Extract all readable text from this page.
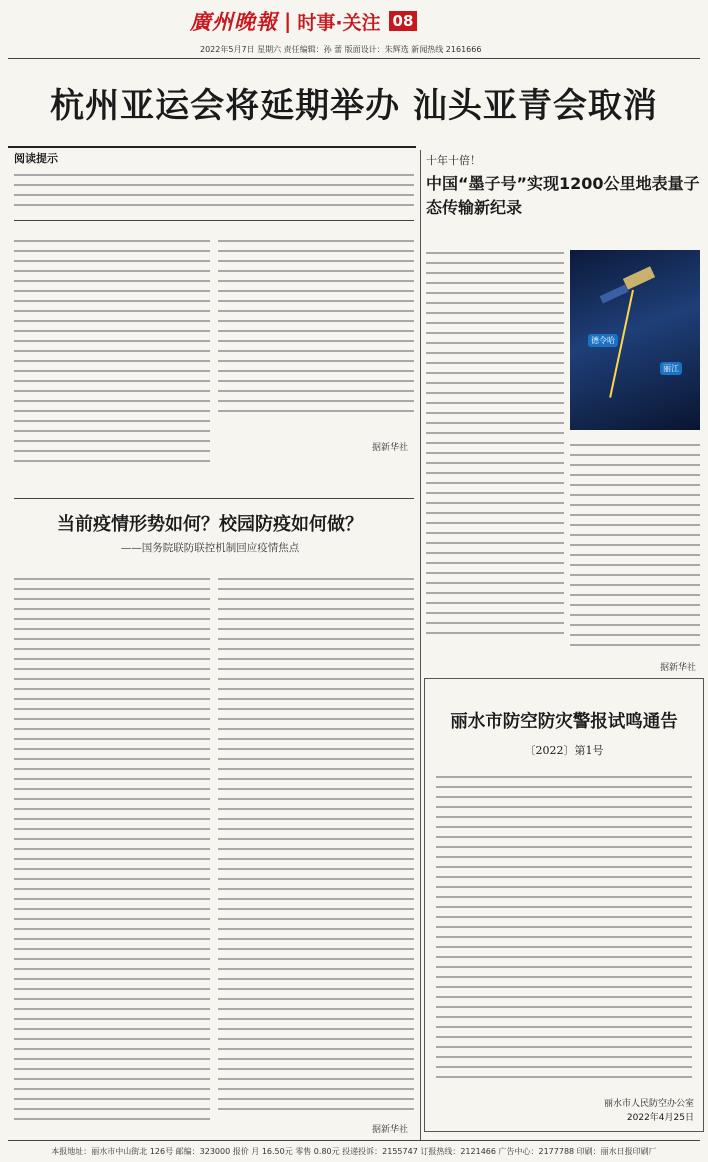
廣州晚報 | 时事·关注 08
2022年5月7日 星期六 责任编辑：孙 蕾 版面设计：朱辉选 新闻热线 2161666
杭州亚运会将延期举办 汕头亚青会取消
阅读提示
据新华社
当前疫情形势如何？校园防疫如何做？
——国务院联防联控机制回应疫情焦点
据新华社
十年十倍！
中国“墨子号”实现1200公里地表量子态传输新纪录
德令哈
丽江
据新华社
丽水市防空防灾警报试鸣通告
〔2022〕第1号
丽水市人民防空办公室
2022年4月25日
本报地址：丽水市中山街北 126号 邮编：323000 报价 月 16.50元 零售 0.80元 投递投诉：2155747 订报热线：2121466 广告中心：2177788 印刷：丽水日报印刷厂
